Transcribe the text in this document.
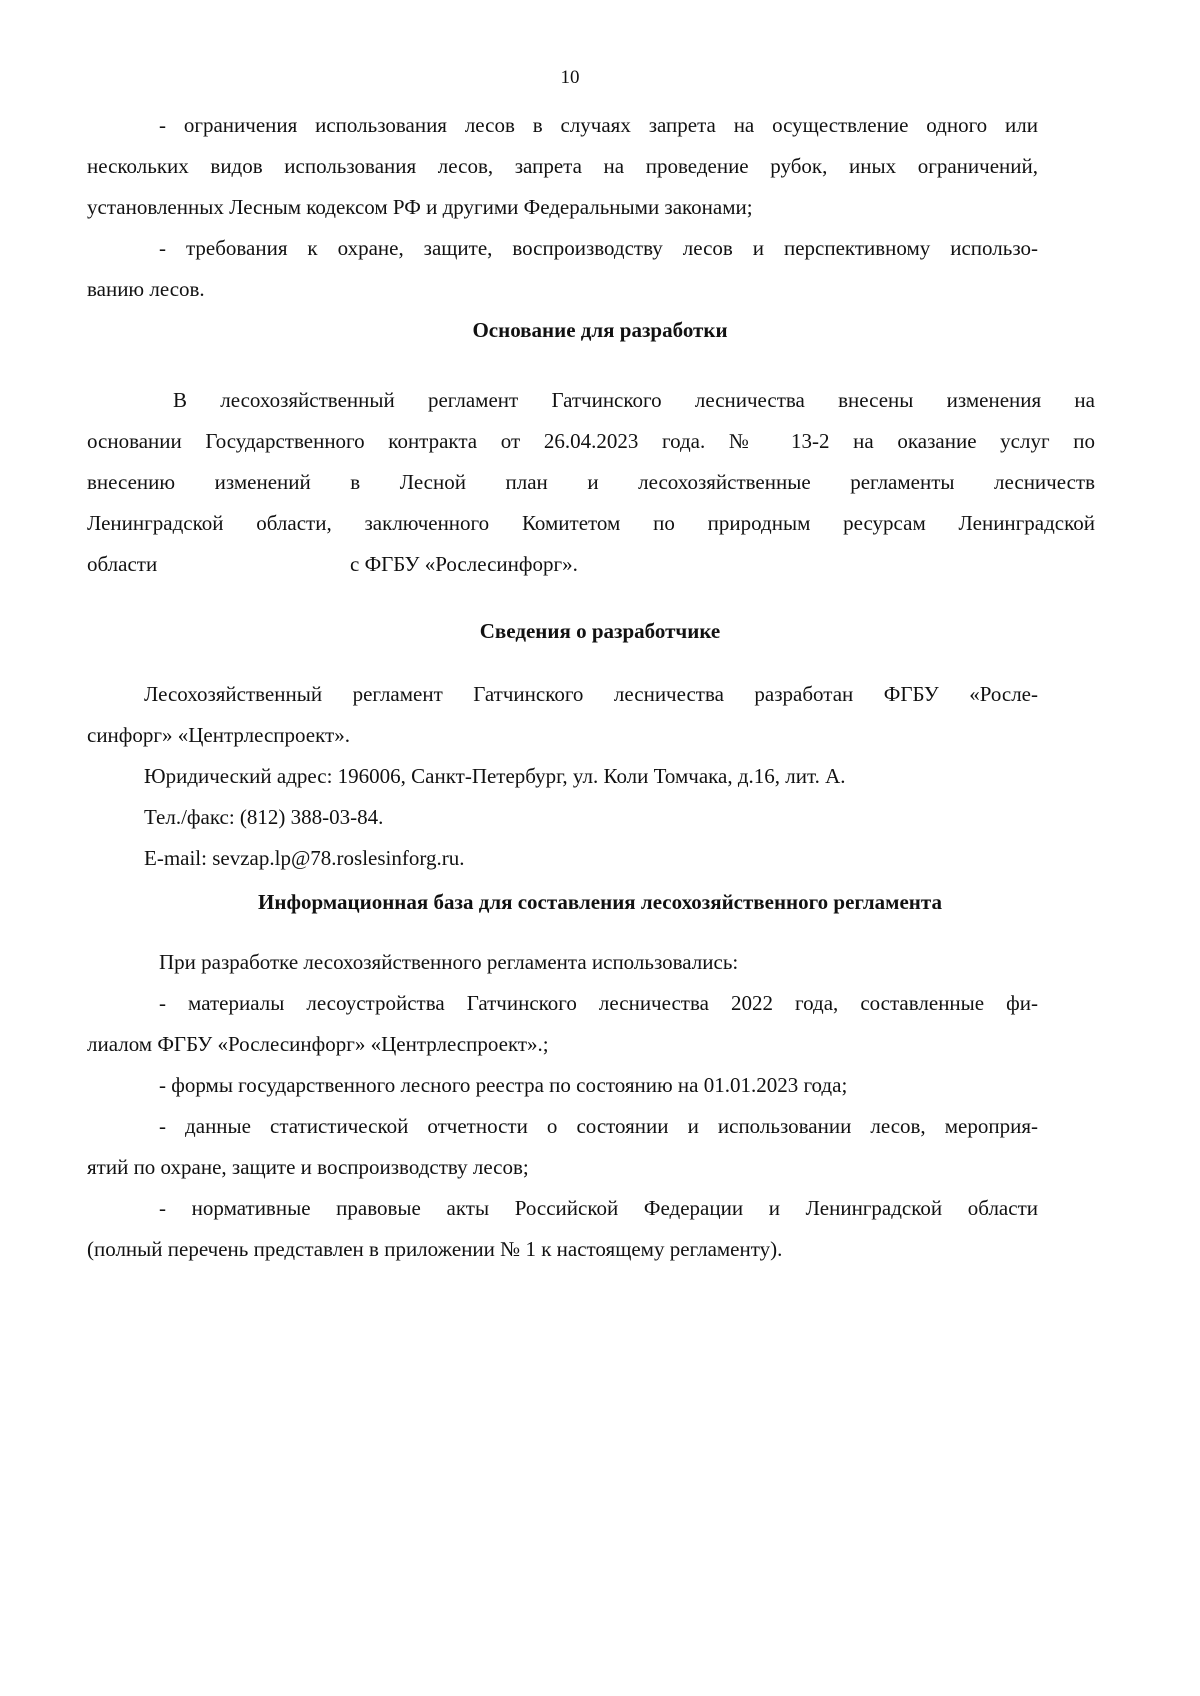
10
- ограничения использования лесов в случаях запрета на осуществление одного или
нескольких видов использования лесов, запрета на проведение рубок, иных ограничений,
установленных Лесным кодексом РФ и другими Федеральными законами;
- требования к охране, защите, воспроизводству лесов и перспективному использо-
ванию лесов.
Основание для разработки
В лесохозяйственный регламент Гатчинского лесничества внесены изменения на
основании Государственного контракта от 26.04.2023 года. № 13-2 на оказание услуг по
внесению изменений в Лесной план и лесохозяйственные регламенты лесничеств
Ленинградской области, заключенного Комитетом по природным ресурсам Ленинградской
области	с ФГБУ «Рослесинфорг».
Сведения о разработчике
Лесохозяйственный регламент Гатчинского лесничества разработан ФГБУ «Росле-
синфорг» «Центрлеспроект».
Юридический адрес: 196006, Санкт-Петербург, ул. Коли Томчака, д.16, лит. А.
Тел./факс: (812) 388-03-84.
E-mail: sevzap.lp@78.roslesinforg.ru.
Информационная база для составления лесохозяйственного регламента
При разработке лесохозяйственного регламента использовались:
- материалы лесоустройства Гатчинского лесничества 2022 года, составленные фи-
лиалом ФГБУ «Рослесинфорг» «Центрлеспроект».;
- формы государственного лесного реестра по состоянию на 01.01.2023 года;
- данные статистической отчетности о состоянии и использовании лесов, мероприя-
ятий по охране, защите и воспроизводству лесов;
- нормативные правовые акты Российской Федерации и Ленинградской области
(полный перечень представлен в приложении № 1 к настоящему регламенту).
